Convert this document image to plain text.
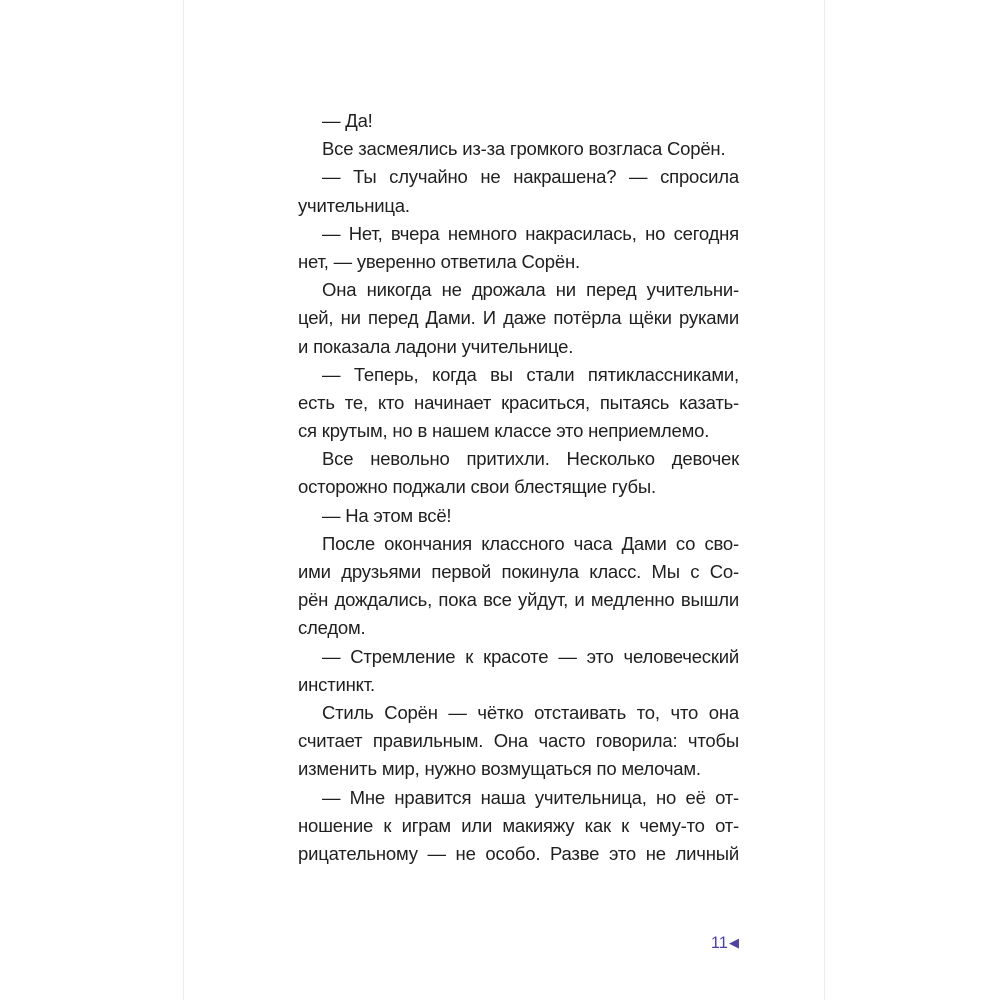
— Да!
Все засмеялись из-за громкого возгласа Сорён.
— Ты случайно не накрашена? — спросила
учительница.
— Нет, вчера немного накрасилась, но сегодня
нет, — уверенно ответила Сорён.
Она никогда не дрожала ни перед учительни-
цей, ни перед Дами. И даже потёрла щёки руками
и показала ладони учительнице.
— Теперь, когда вы стали пятиклассниками,
есть те, кто начинает краситься, пытаясь казать-
ся крутым, но в нашем классе это неприемлемо.
Все невольно притихли. Несколько девочек
осторожно поджали свои блестящие губы.
— На этом всё!
После окончания классного часа Дами со сво-
ими друзьями первой покинула класс. Мы с Со-
рён дождались, пока все уйдут, и медленно вышли
следом.
— Стремление к красоте — это человеческий
инстинкт.
Стиль Сорён — чётко отстаивать то, что она
считает правильным. Она часто говорила: чтобы
изменить мир, нужно возмущаться по мелочам.
— Мне нравится наша учительница, но её от-
ношение к играм или макияжу как к чему-то от-
рицательному — не особо. Разве это не личный
11◀
